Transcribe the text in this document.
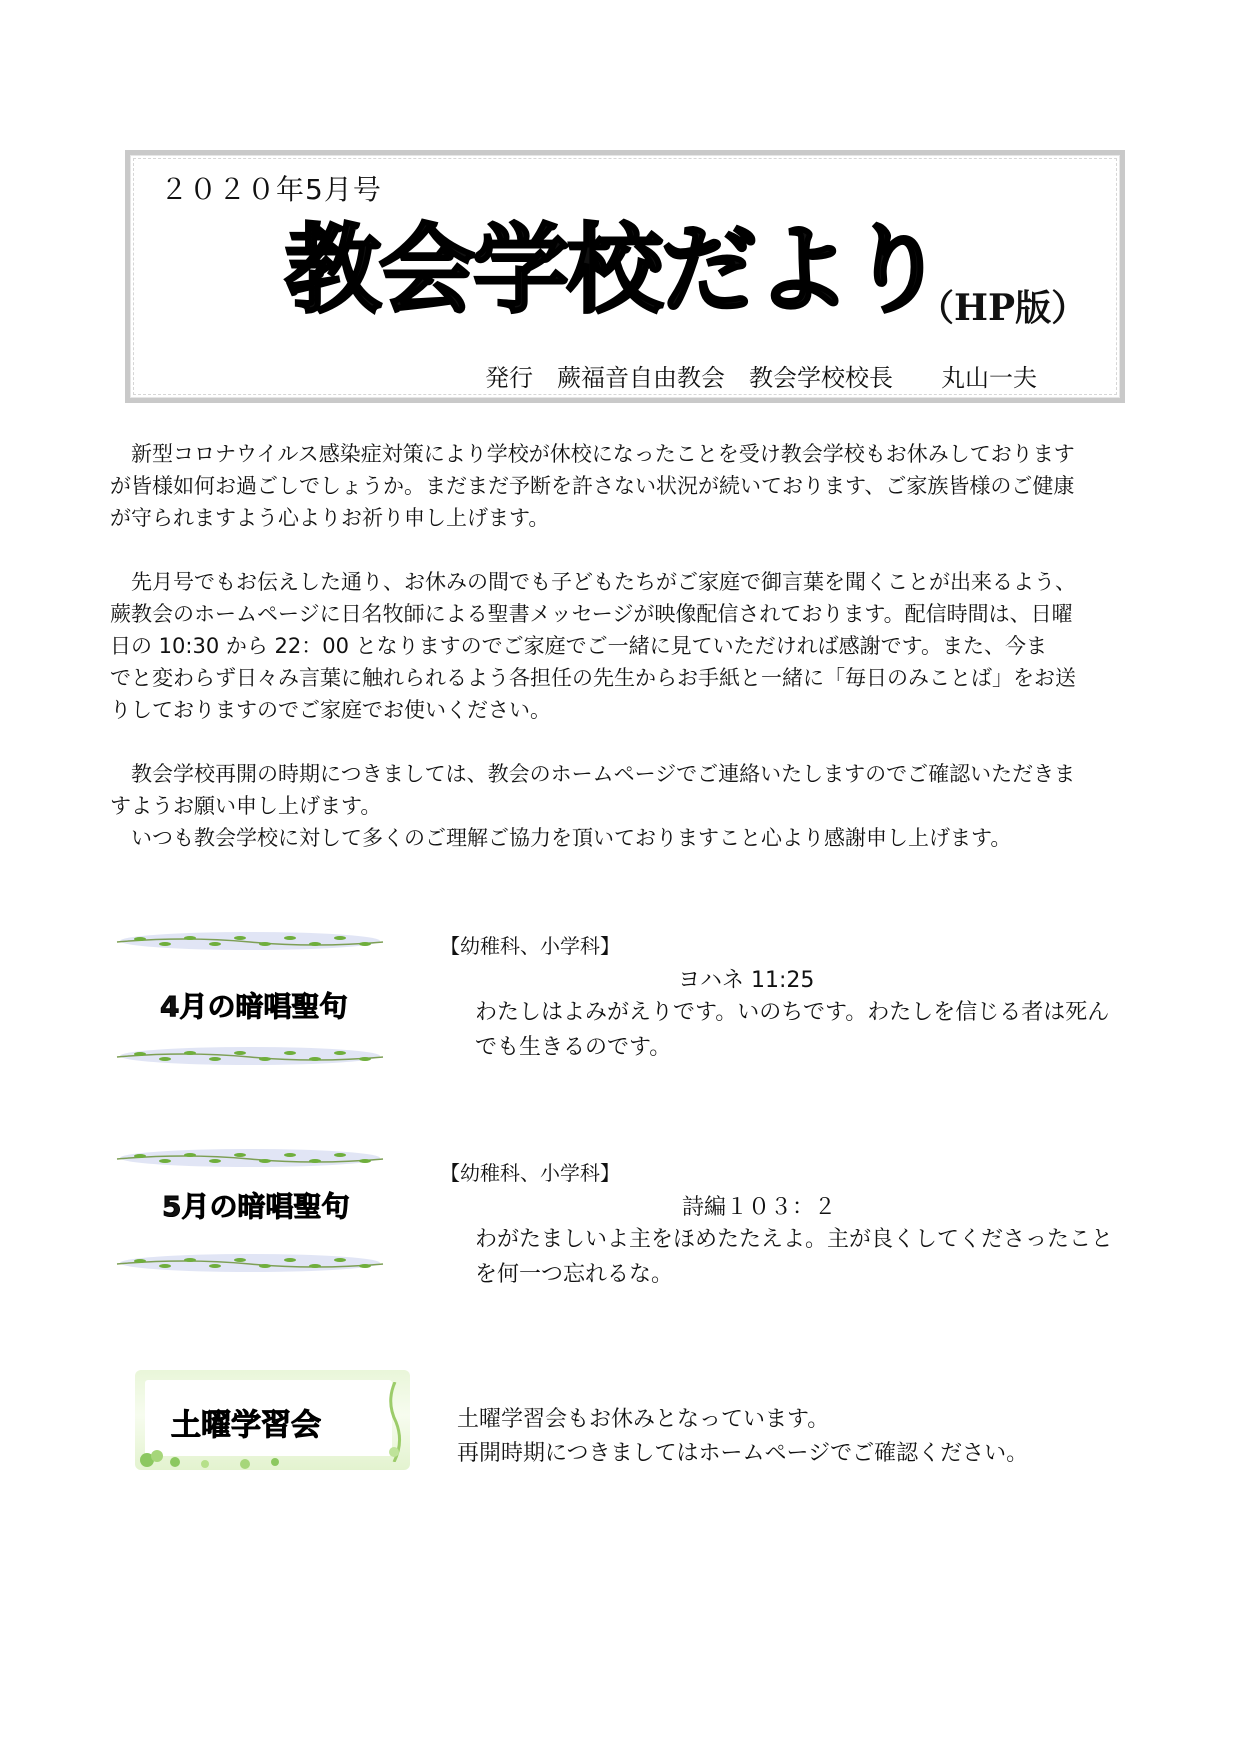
２０２０年5月号
教会学校だより
（HP版）
発行　蕨福音自由教会　教会学校校長　　丸山一夫

　新型コロナウイルス感染症対策により学校が休校になったことを受け教会学校もお休みしております

が皆様如何お過ごしでしょうか。まだまだ予断を許さない状況が続いております、ご家族皆様のご健康

が守られますよう心よりお祈り申し上げます。

　先月号でもお伝えした通り、お休みの間でも子どもたちがご家庭で御言葉を聞くことが出来るよう、

蕨教会のホームページに日名牧師による聖書メッセージが映像配信されております。配信時間は、日曜

日の 10:30 から 22：00 となりますのでご家庭でご一緒に見ていただければ感謝です。また、今ま

でと変わらず日々み言葉に触れられるよう各担任の先生からお手紙と一緒に「毎日のみことば」をお送

りしておりますのでご家庭でお使いください。

　教会学校再開の時期につきましては、教会のホームページでご連絡いたしますのでご確認いただきま

すようお願い申し上げます。

　いつも教会学校に対して多くのご理解ご協力を頂いておりますこと心より感謝申し上げます。

4月の暗唱聖句
【幼稚科、小学科】
ヨハネ 11:25
わたしはよみがえりです。いのちです。わたしを信じる者は死ん
でも生きるのです。
5月の暗唱聖句
【幼稚科、小学科】
詩編１０３：２
わがたましいよ主をほめたたえよ。主が良くしてくださったこと
を何一つ忘れるな。
土曜学習会	土曜学習会もお休みとなっています。
再開時期につきましてはホームページでご確認ください。
